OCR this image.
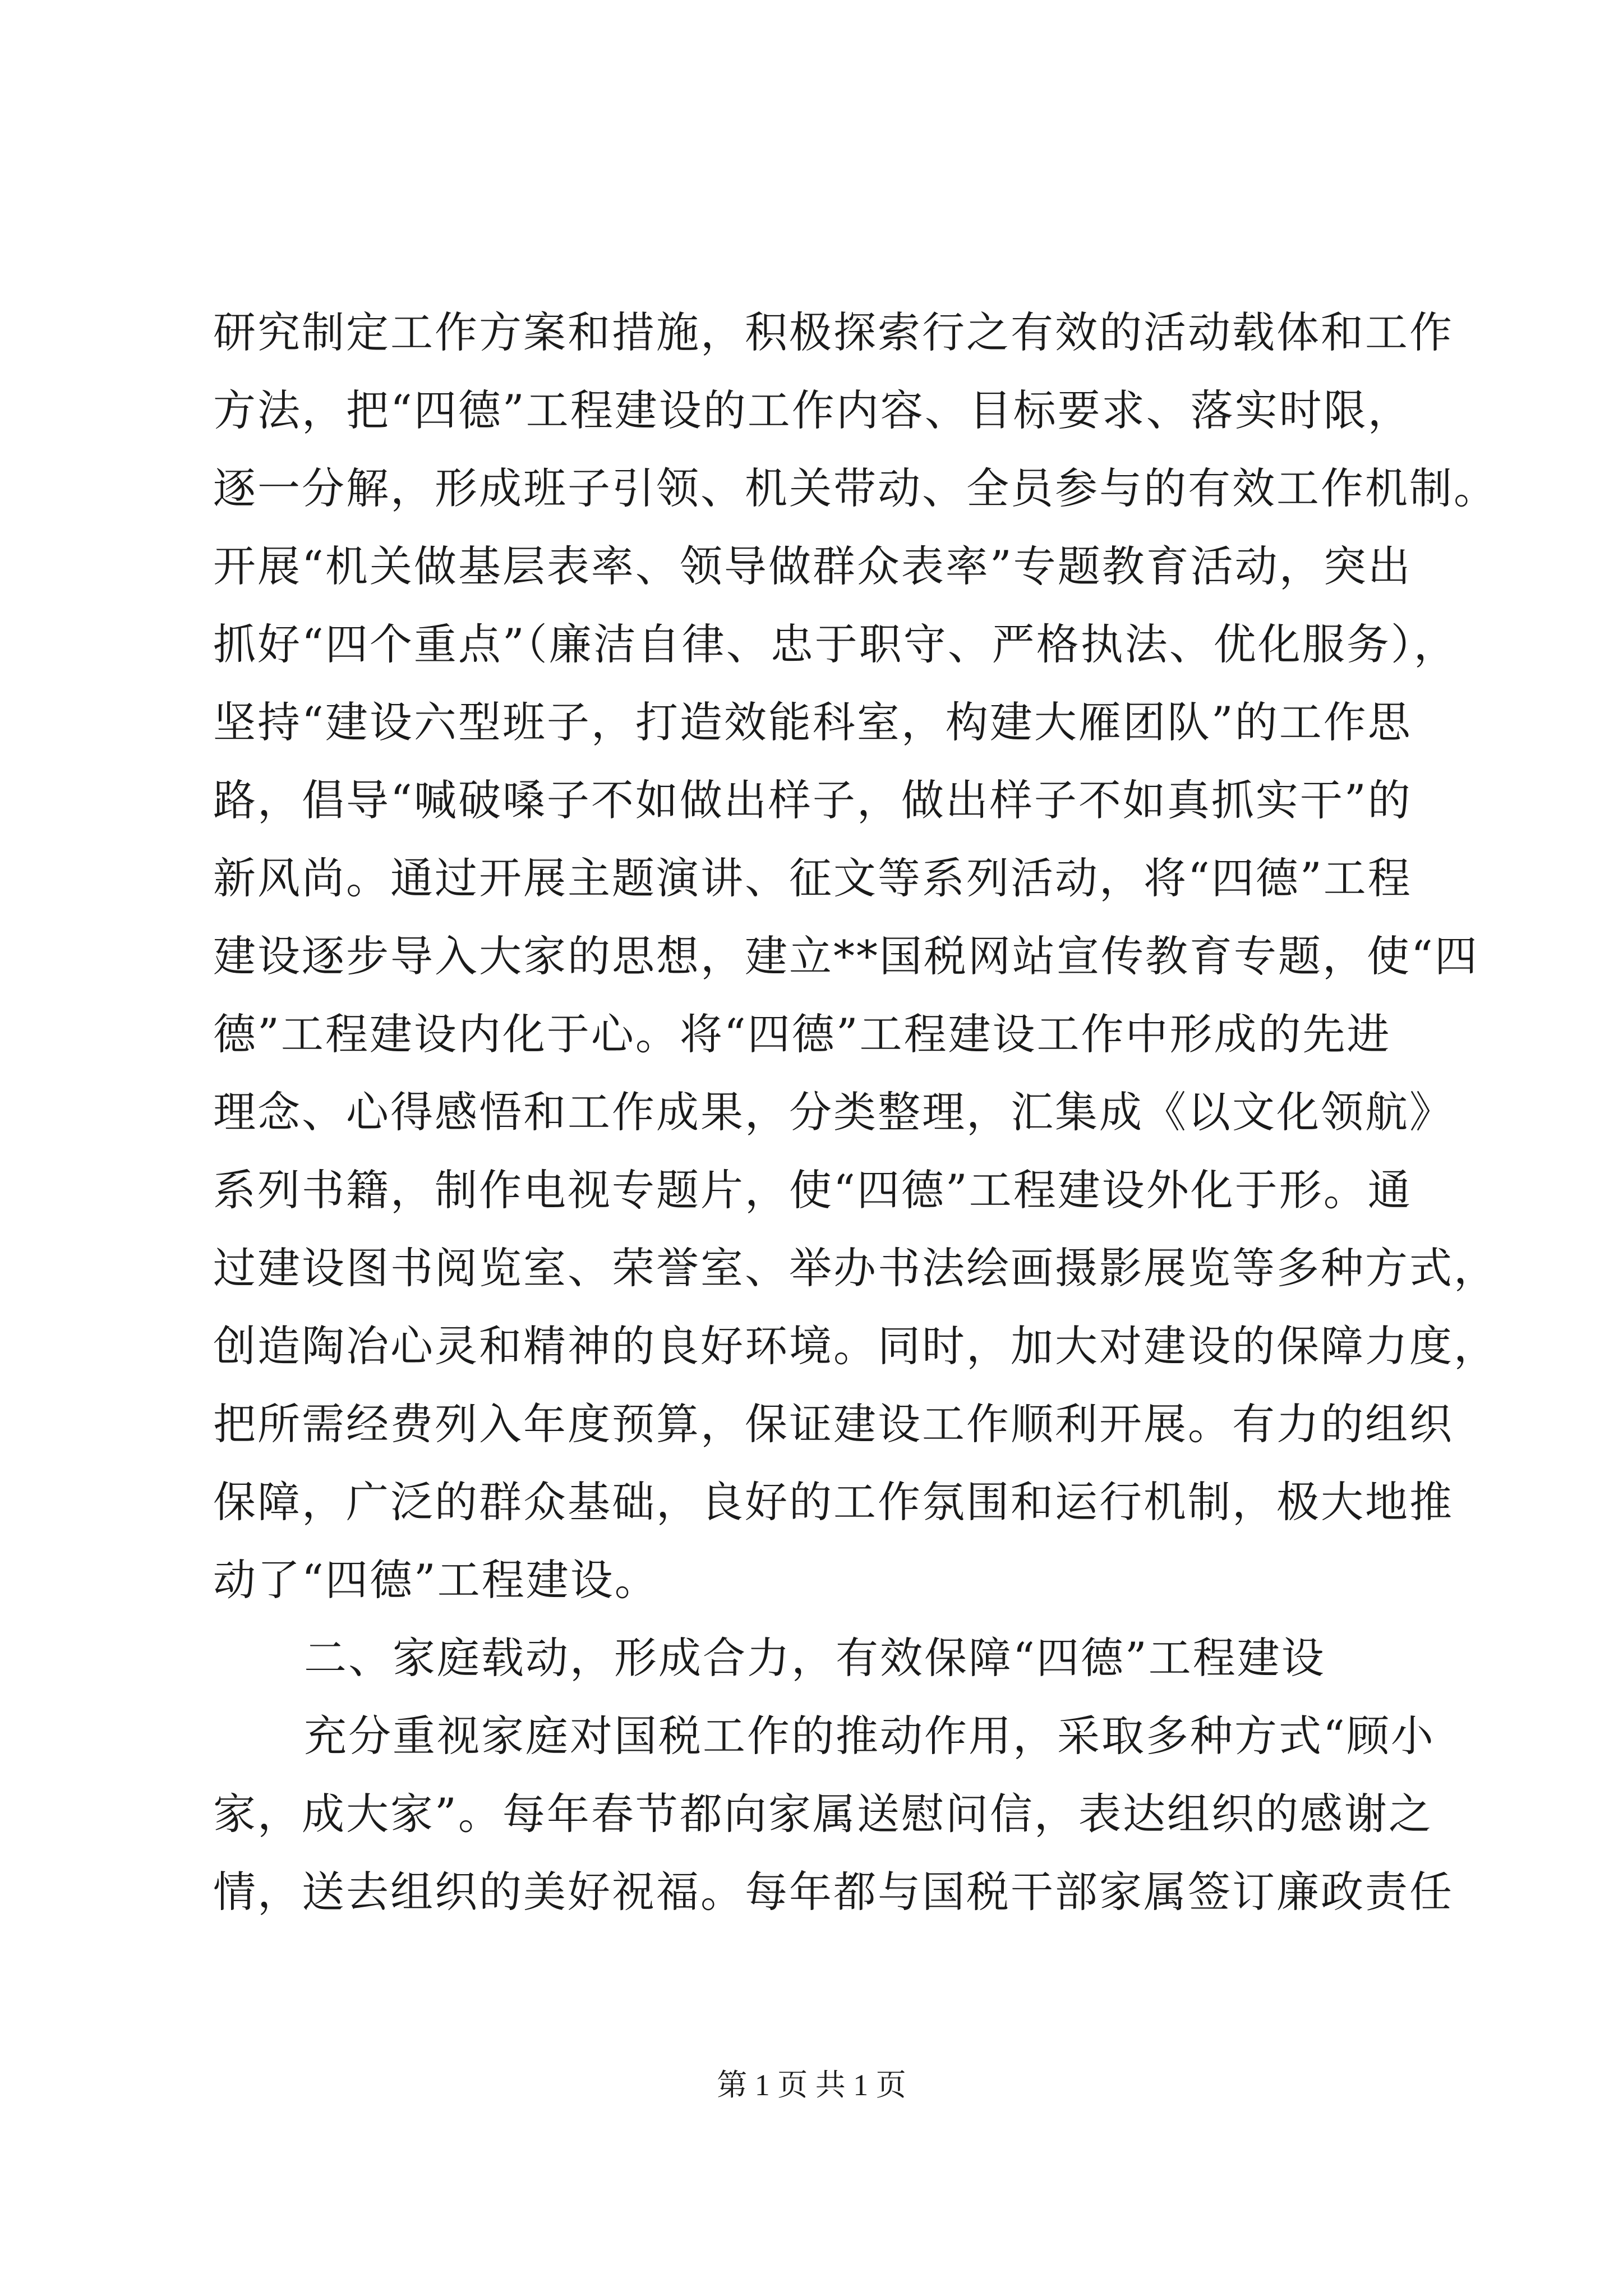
研究制定工作方案和措施，积极探索行之有效的活动载体和工作
方法，把“四德”工程建设的工作内容、目标要求、落实时限，
逐一分解，形成班子引领、机关带动、全员参与的有效工作机制。
开展“机关做基层表率、领导做群众表率”专题教育活动，突出
抓好“四个重点”（廉洁自律、忠于职守、严格执法、优化服务），
坚持“建设六型班子，打造效能科室，构建大雁团队”的工作思
路，倡导“喊破嗓子不如做出样子，做出样子不如真抓实干”的
新风尚。通过开展主题演讲、征文等系列活动，将“四德”工程
建设逐步导入大家的思想，建立**国税网站宣传教育专题，使“四
德”工程建设内化于心。将“四德”工程建设工作中形成的先进
理念、心得感悟和工作成果，分类整理，汇集成《以文化领航》
系列书籍，制作电视专题片，使“四德”工程建设外化于形。通
过建设图书阅览室、荣誉室、举办书法绘画摄影展览等多种方式，
创造陶冶心灵和精神的良好环境。同时，加大对建设的保障力度，
把所需经费列入年度预算，保证建设工作顺利开展。有力的组织
保障，广泛的群众基础，良好的工作氛围和运行机制，极大地推
动了“四德”工程建设。
二、家庭载动，形成合力，有效保障“四德”工程建设
充分重视家庭对国税工作的推动作用，采取多种方式“顾小
家，成大家”。每年春节都向家属送慰问信，表达组织的感谢之
情，送去组织的美好祝福。每年都与国税干部家属签订廉政责任
第 1 页 共 1 页
